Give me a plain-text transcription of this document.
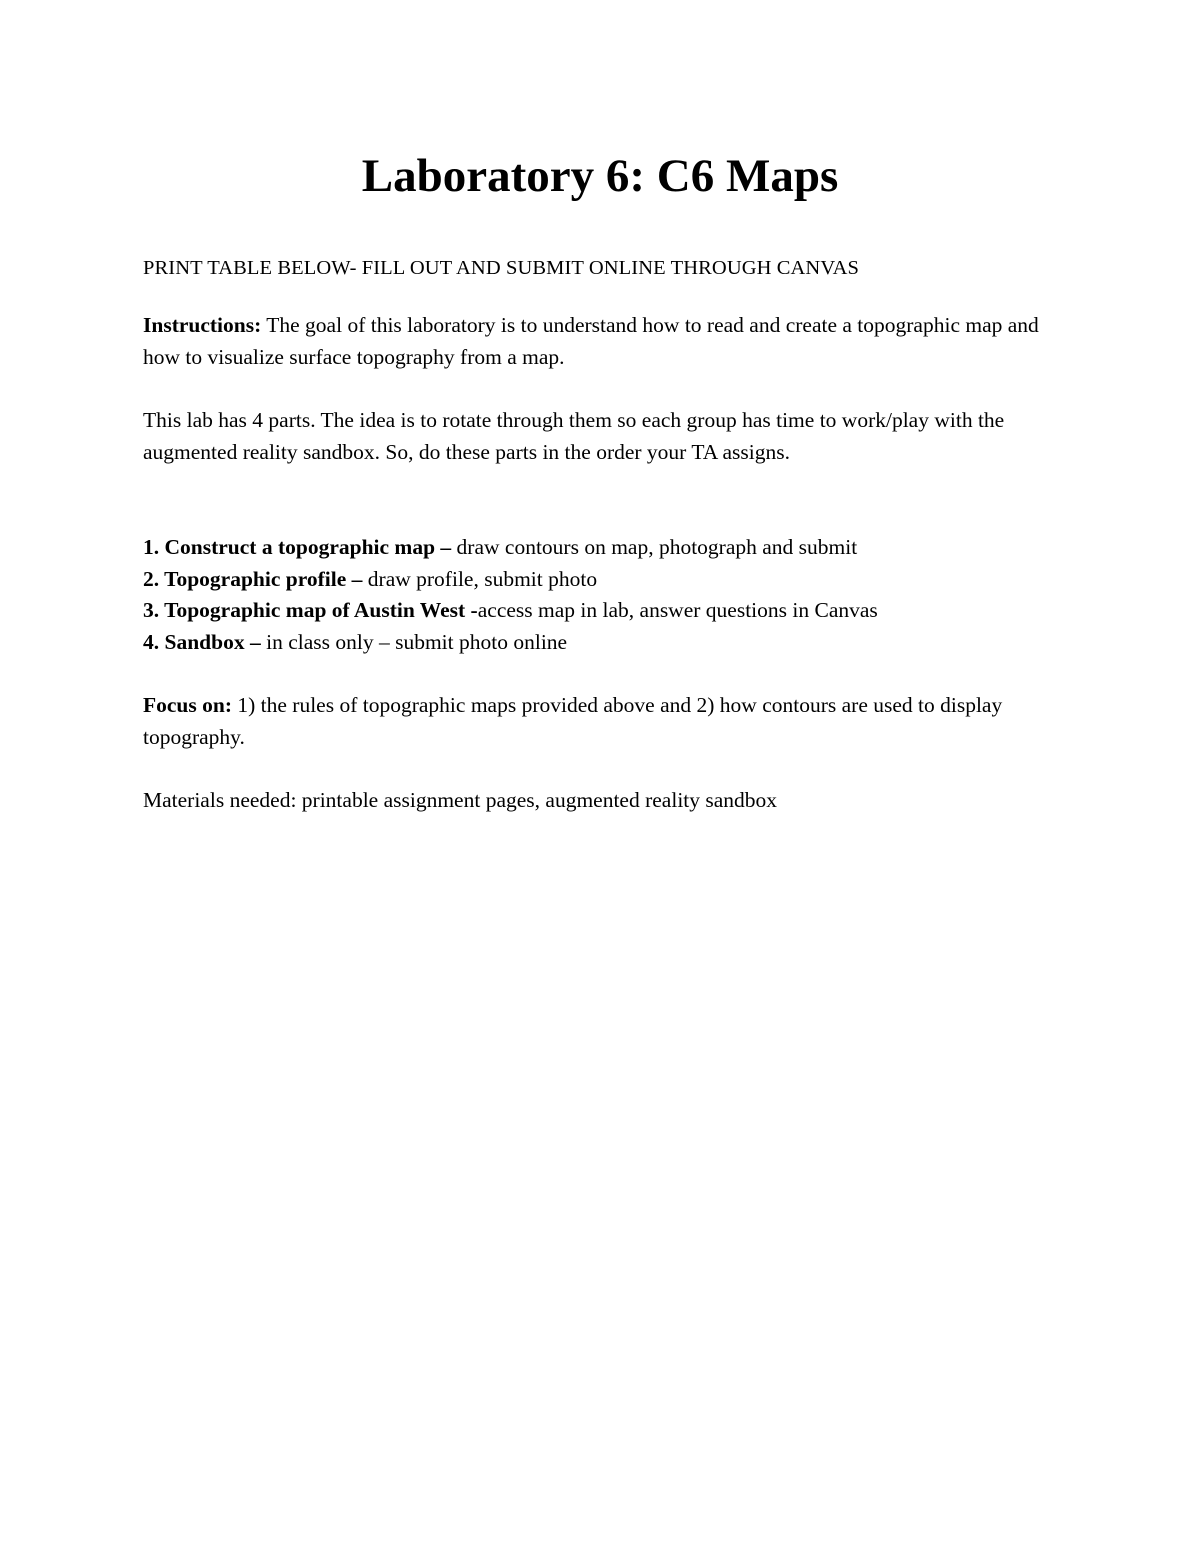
Laboratory 6: C6 Maps

PRINT TABLE BELOW- FILL OUT AND SUBMIT ONLINE THROUGH CANVAS

Instructions: The goal of this laboratory is to understand how to read and create a topographic map and how to visualize surface topography from a map.

This lab has 4 parts. The idea is to rotate through them so each group has time to work/play with the augmented reality sandbox. So, do these parts in the order your TA assigns.

1. Construct a topographic map – draw contours on map, photograph and submit
2. Topographic profile – draw profile, submit photo
3. Topographic map of Austin West -access map in lab, answer questions in Canvas
4. Sandbox – in class only – submit photo online

Focus on: 1) the rules of topographic maps provided above and 2) how contours are used to display topography.

Materials needed: printable assignment pages, augmented reality sandbox
